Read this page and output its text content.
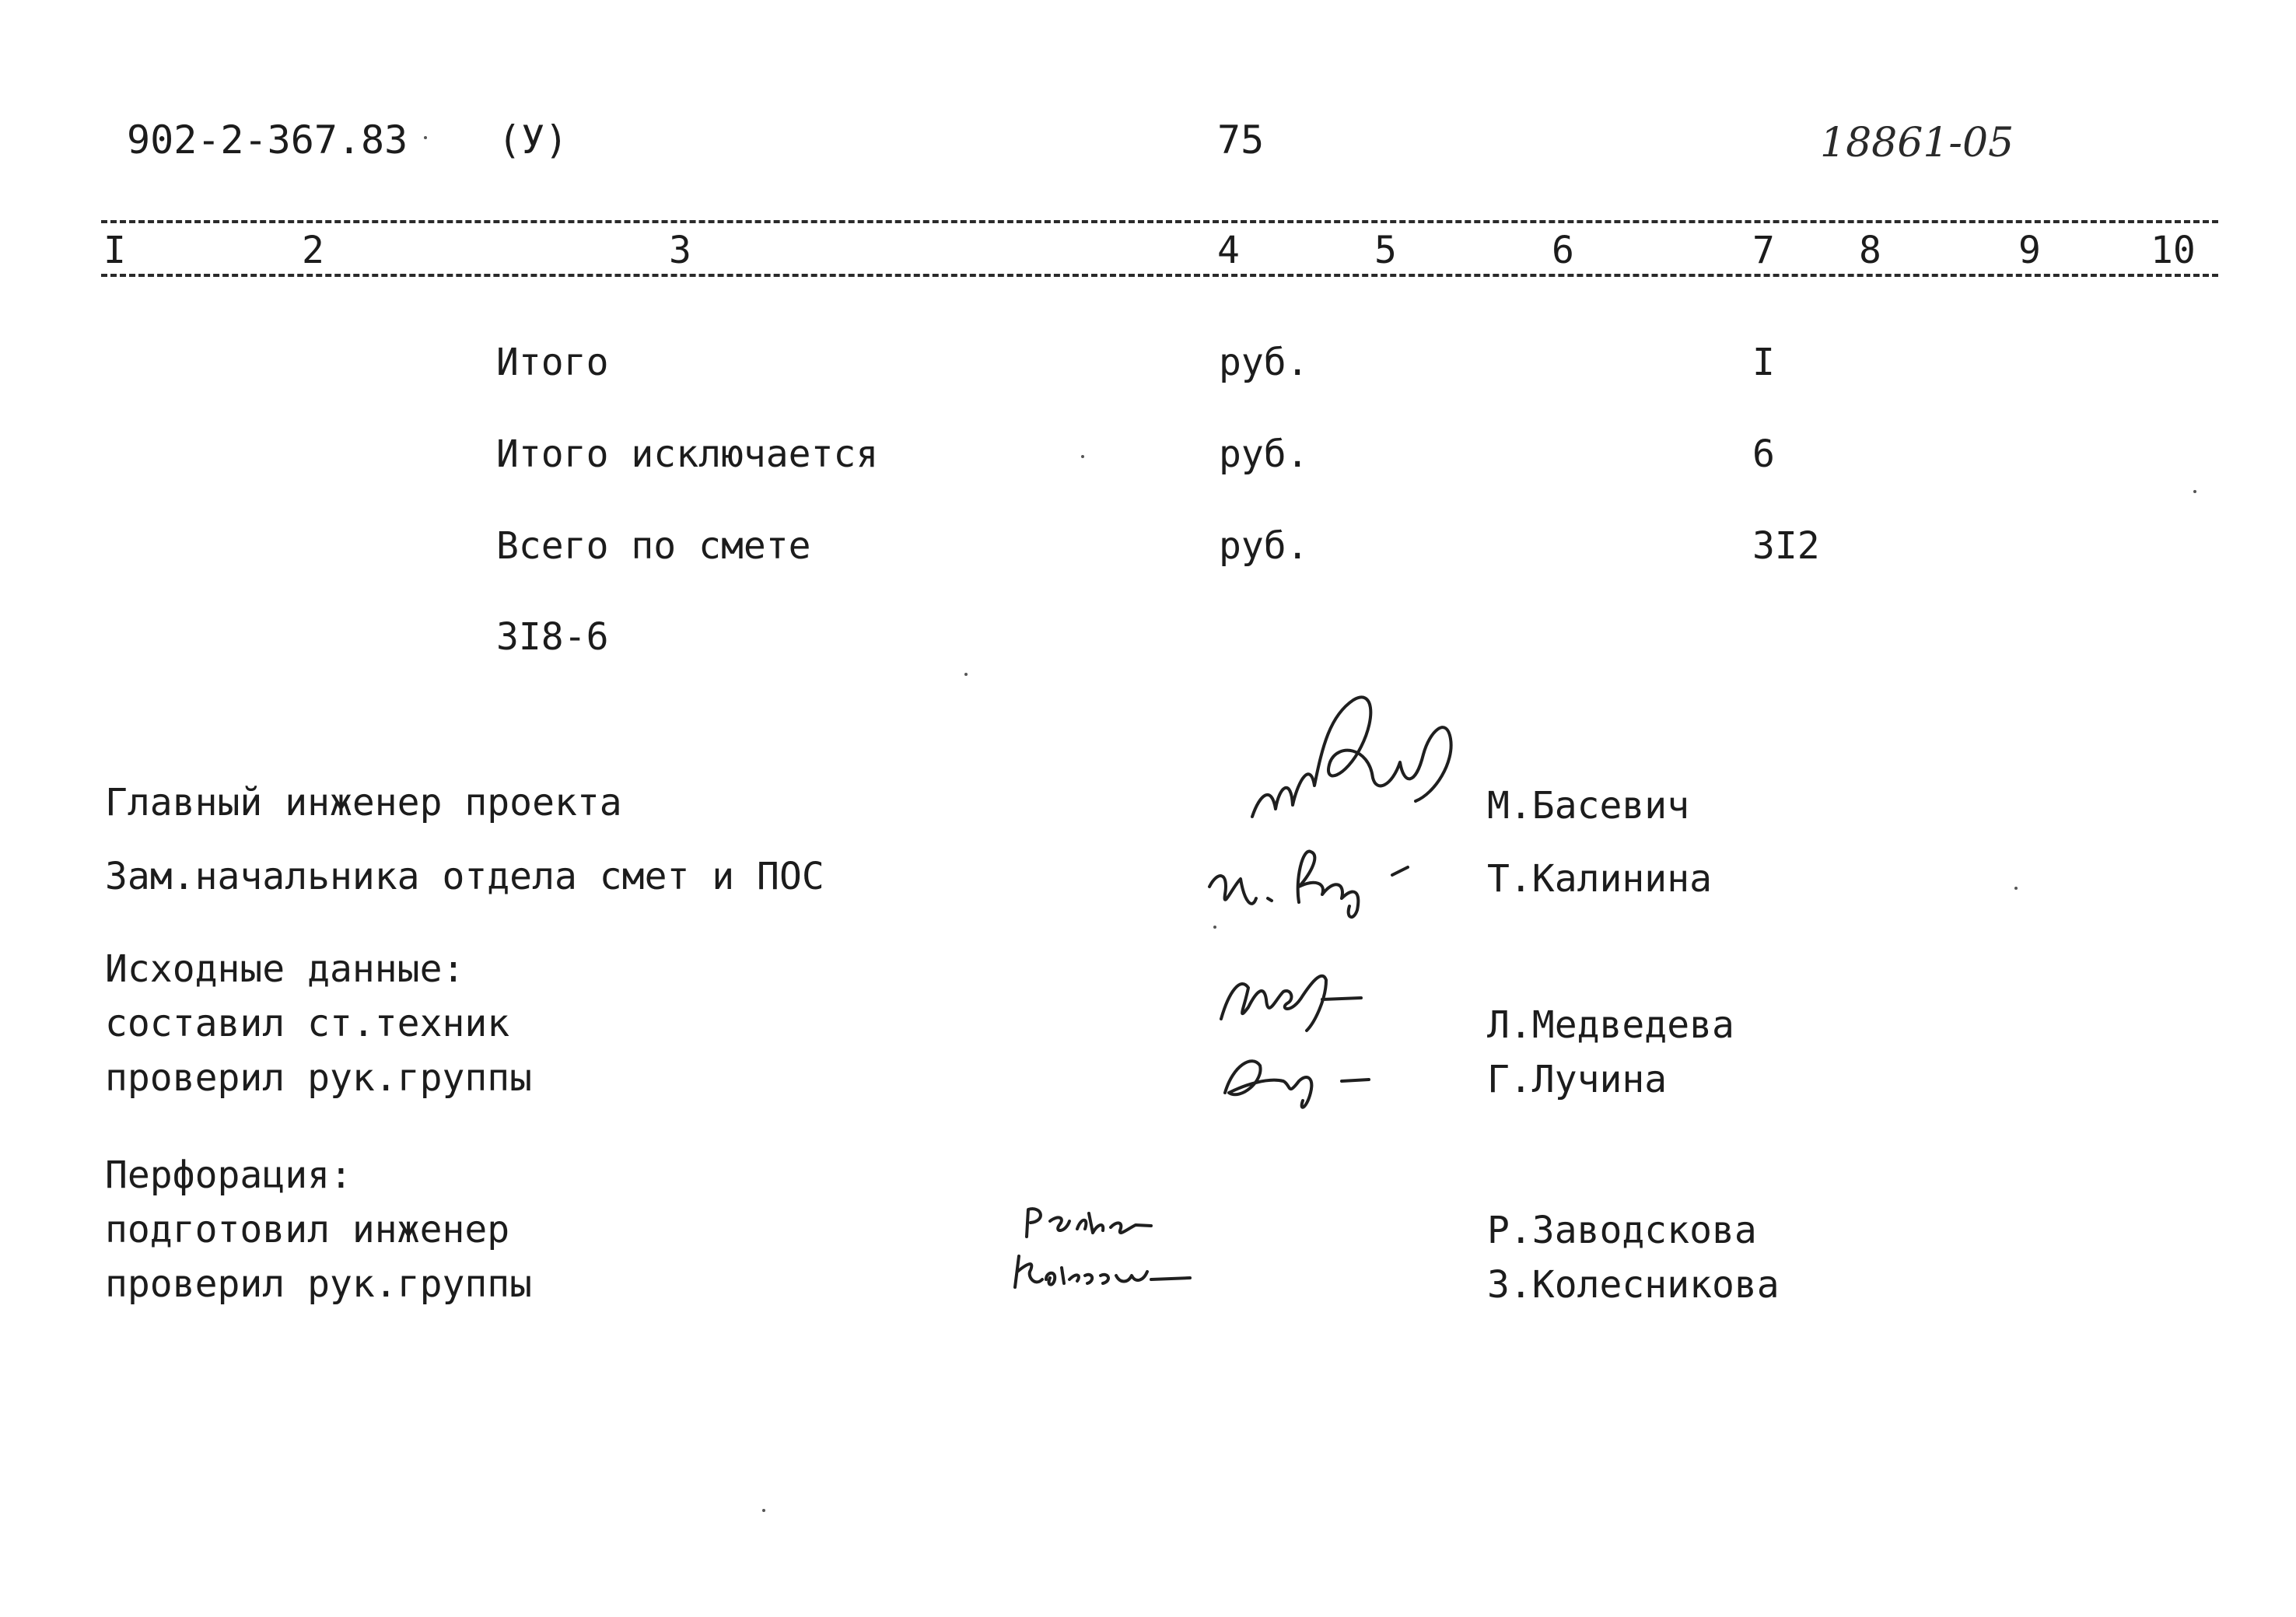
902-2-367.83 (У)	75	18861-05
I	2	3	4	5	6	7 8	9	10
Итого	руб.	I
Итого исключается	руб.	6
Всего по смете	руб.	3I2
3I8-6
Главный инженер проекта	М.Басевич
Зам.начальника отдела смет и ПОС	Т.Калинина
Исходные данные:
составил ст.техник	Л.Медведева
проверил рук.группы	Г.Лучина
Перфорация:
подготовил инженер	Р.Заводскова
проверил рук.группы	З.Колесникова
